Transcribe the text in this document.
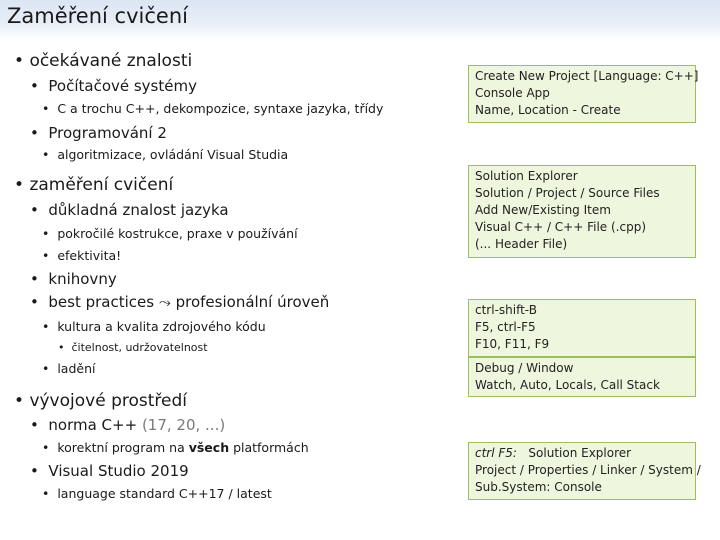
Zaměření cvičení
• očekávané znalosti
•  Počítačové systémy
•  C a trochu C++, dekompozice, syntaxe jazyka, třídy
•  Programování 2
•  algoritmizace, ovládání Visual Studia
• zaměření cvičení
•  důkladná znalost jazyka
•  pokročilé kostrukce, praxe v používání
•  efektivita!
•  knihovny
•  best practices ⤳ profesionální úroveň
•  kultura a kvalita zdrojového kódu
•  čitelnost, udržovatelnost
•  ladění
• vývojové prostředí
•  norma C++ (17, 20, ...)
•  korektní program na všech platformách
•  Visual Studio 2019
•  language standard C++17 / latest
Create New Project [Language: C++]
Console App
Name, Location - Create
Solution Explorer
Solution / Project / Source Files
Add New/Existing Item
Visual C++ / C++ File (.cpp)
(... Header File)
ctrl-shift-B
F5, ctrl-F5
F10, F11, F9
Debug / Window
Watch, Auto, Locals, Call Stack
ctrl F5: Solution Explorer
Project / Properties / Linker / System /
Sub.System: Console
